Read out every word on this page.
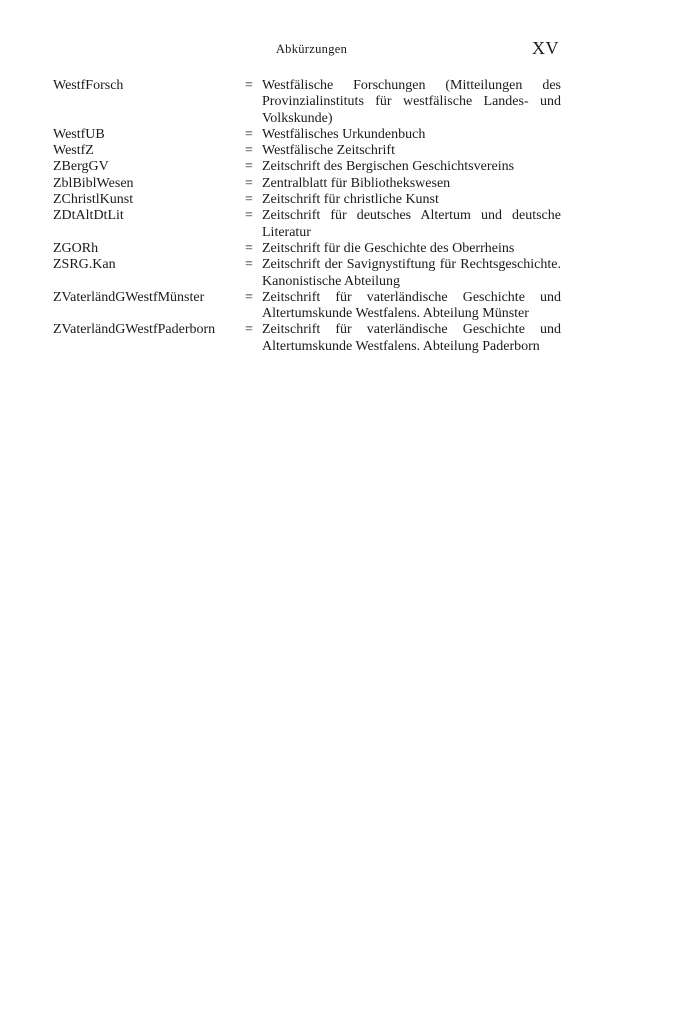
Abkürzungen	XV
WestfForsch	= Westfälische Forschungen (Mitteilungen des Provinzialinstituts für westfälische Landes- und Volkskunde)
WestfUB	= Westfälisches Urkundenbuch
WestfZ	= Westfälische Zeitschrift
ZBergGV	= Zeitschrift des Bergischen Geschichtsvereins
ZblBiblWesen	= Zentralblatt für Bibliothekswesen
ZChristlKunst	= Zeitschrift für christliche Kunst
ZDtAltDtLit	= Zeitschrift für deutsches Altertum und deutsche Literatur
ZGORh	= Zeitschrift für die Geschichte des Oberrheins
ZSRG.Kan	= Zeitschrift der Savignystiftung für Rechtsgeschichte. Kanonistische Abteilung
ZVaterländGWestfMünster	= Zeitschrift für vaterländische Geschichte und Altertumskunde Westfalens. Abteilung Münster
ZVaterländGWestfPaderborn	= Zeitschrift für vaterländische Geschichte und Altertumskunde Westfalens. Abteilung Paderborn
